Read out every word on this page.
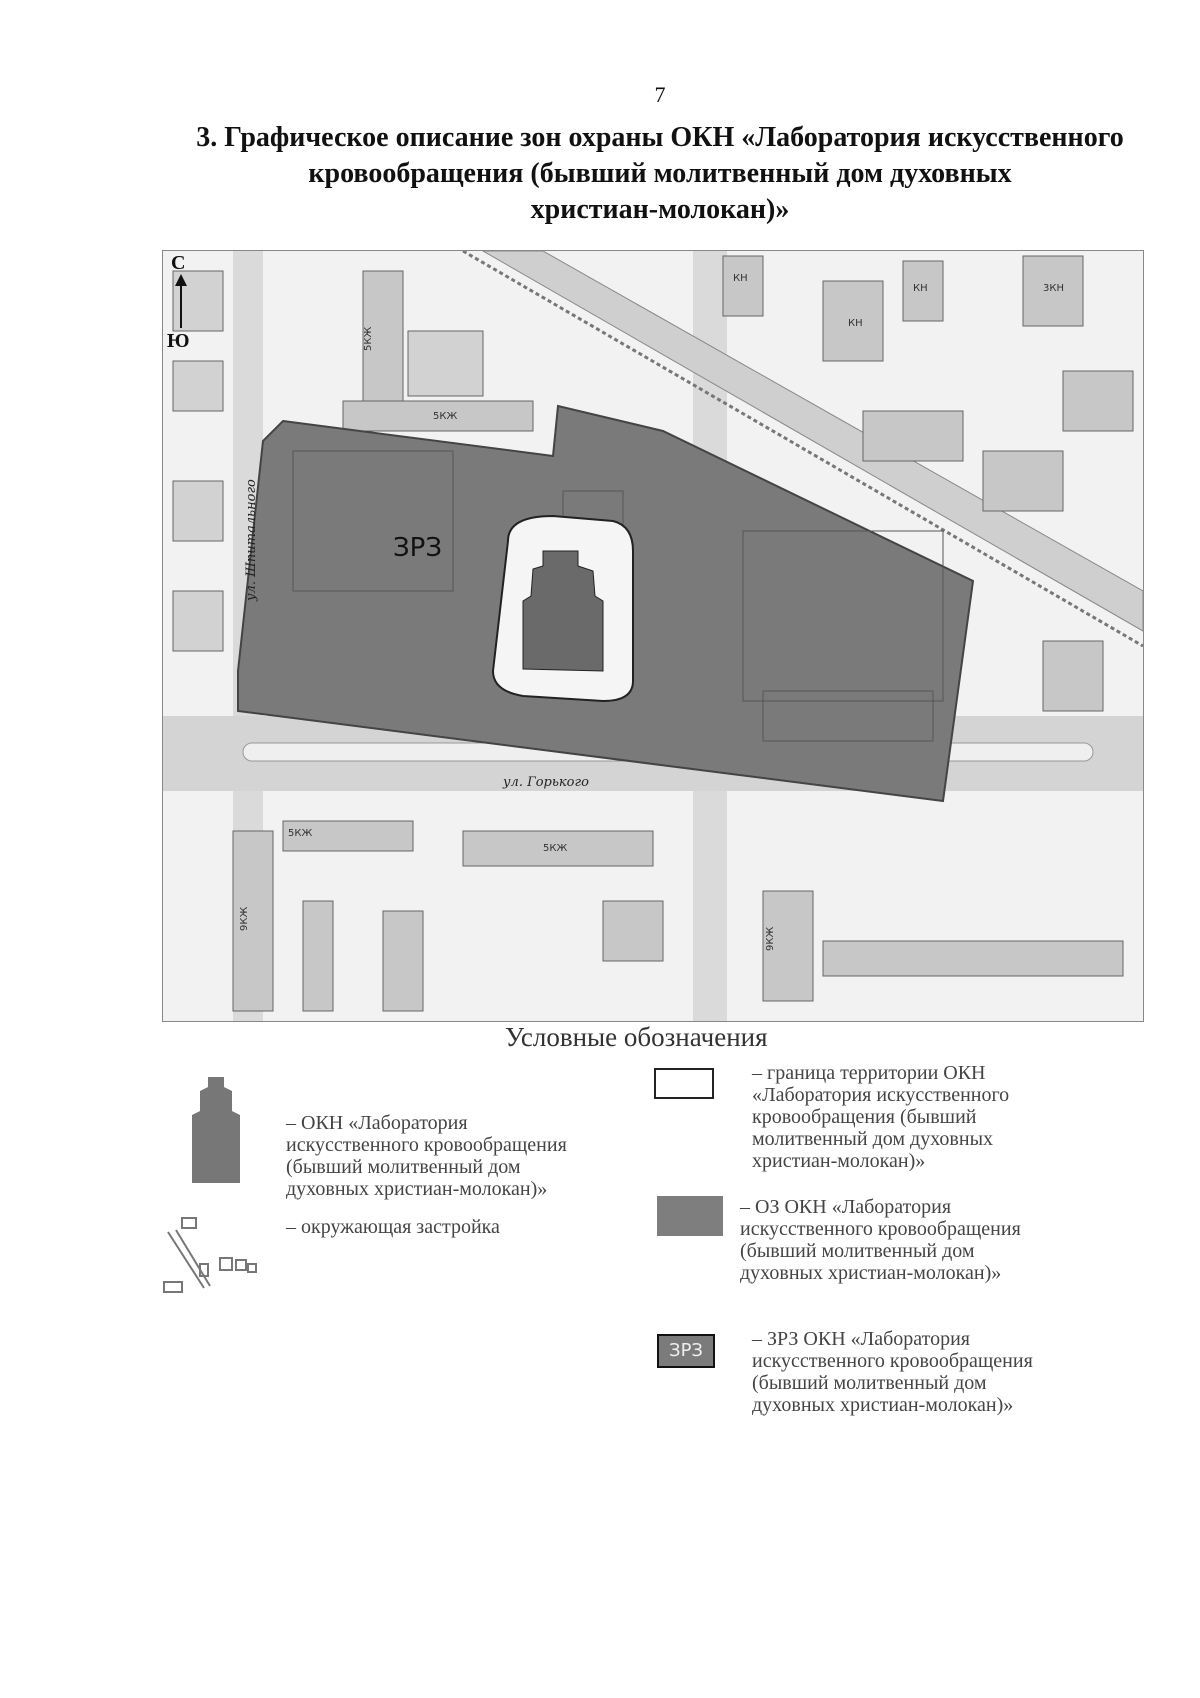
7
3. Графическое описание зон охраны ОКН «Лаборатория искусственного
кровообращения (бывший молитвенный дом духовных
христиан-молокан)»
ЗРЗ
ул. Шпитального
ул. Горького
5КЖ
5КЖ
5КЖ
5КЖ
КН
КН
КН	3КН
9КЖ
9КЖ
С
Ю
Условные обозначения
– ОКН «Лаборатория
искусственного кровообращения
(бывший молитвенный дом
духовных христиан-молокан)»
– граница территории ОКН
«Лаборатория искусственного
кровообращения (бывший
молитвенный дом духовных
христиан-молокан)»
– окружающая застройка
– ОЗ ОКН «Лаборатория
искусственного кровообращения
(бывший молитвенный дом
духовных христиан-молокан)»
ЗРЗ
– ЗРЗ ОКН «Лаборатория
искусственного кровообращения
(бывший молитвенный дом
духовных христиан-молокан)»
